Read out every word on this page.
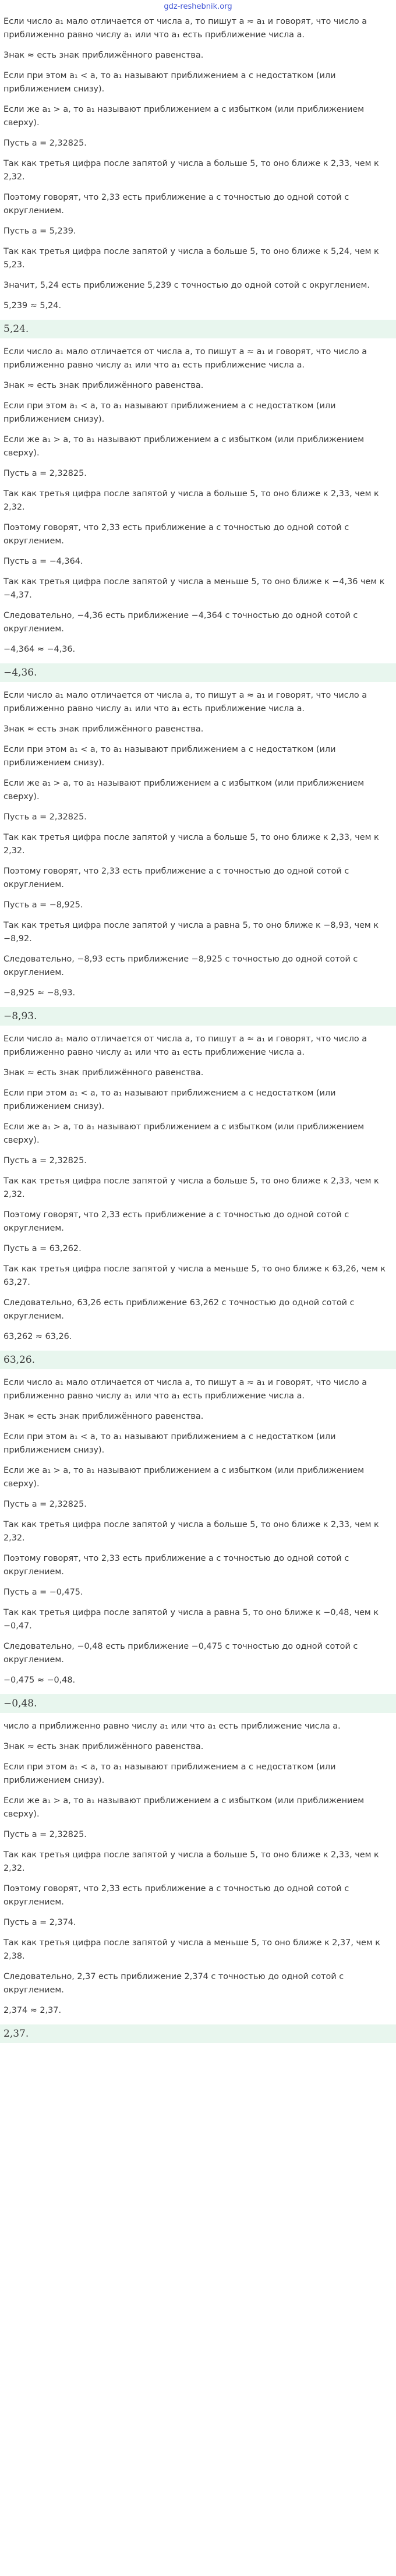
gdz-reshebnik.org

Если число a₁ мало отличается от числа a, то пишут a ≈ a₁ и говорят, что число a приближенно равно числу a₁ или что a₁ есть приближение числа a.

Знак ≈ есть знак приближённого равенства.

Если при этом a₁ < a, то a₁ называют приближением a с недостатком (или приближением снизу).

Если же a₁ > a, то a₁ называют приближением a с избытком (или приближением сверху).

Пусть a = 2,32825.

Так как третья цифра после запятой у числа a больше 5, то оно ближе к 2,33, чем к 2,32.

Поэтому говорят, что 2,33 есть приближение a с точностью до одной сотой с округлением.

Пусть a = 5,239.

Так как третья цифра после запятой у числа a больше 5, то оно ближе к 5,24, чем к 5,23.

Значит, 5,24 есть приближение 5,239 с точностью до одной сотой с округлением.

5,239 ≈ 5,24.

5,24.

Если число a₁ мало отличается от числа a, то пишут a ≈ a₁ и говорят, что число a приближенно равно числу a₁ или что a₁ есть приближение числа a.

Знак ≈ есть знак приближённого равенства.

Если при этом a₁ < a, то a₁ называют приближением a с недостатком (или приближением снизу).

Если же a₁ > a, то a₁ называют приближением a с избытком (или приближением сверху).

Пусть a = 2,32825.

Так как третья цифра после запятой у числа a больше 5, то оно ближе к 2,33, чем к 2,32.

Поэтому говорят, что 2,33 есть приближение a с точностью до одной сотой с округлением.

Пусть a = −4,364.

Так как третья цифра после запятой у числа a меньше 5, то оно ближе к −4,36 чем к −4,37.

Следовательно, −4,36 есть приближение −4,364 с точностью до одной сотой с округлением.

−4,364 ≈ −4,36.

−4,36.

Если число a₁ мало отличается от числа a, то пишут a ≈ a₁ и говорят, что число a приближенно равно числу a₁ или что a₁ есть приближение числа a.

Знак ≈ есть знак приближённого равенства.

Если при этом a₁ < a, то a₁ называют приближением a с недостатком (или приближением снизу).

Если же a₁ > a, то a₁ называют приближением a с избытком (или приближением сверху).

Пусть a = 2,32825.

Так как третья цифра после запятой у числа a больше 5, то оно ближе к 2,33, чем к 2,32.

Поэтому говорят, что 2,33 есть приближение a с точностью до одной сотой с округлением.

Пусть a = −8,925.

Так как третья цифра после запятой у числа a равна 5, то оно ближе к −8,93, чем к −8,92.

Следовательно, −8,93 есть приближение −8,925 с точностью до одной сотой с округлением.

−8,925 ≈ −8,93.

−8,93.

Если число a₁ мало отличается от числа a, то пишут a ≈ a₁ и говорят, что число a приближенно равно числу a₁ или что a₁ есть приближение числа a.

Знак ≈ есть знак приближённого равенства.

Если при этом a₁ < a, то a₁ называют приближением a с недостатком (или приближением снизу).

Если же a₁ > a, то a₁ называют приближением a с избытком (или приближением сверху).

Пусть a = 2,32825.

Так как третья цифра после запятой у числа a больше 5, то оно ближе к 2,33, чем к 2,32.

Поэтому говорят, что 2,33 есть приближение a с точностью до одной сотой с округлением.

Пусть a = 63,262.

Так как третья цифра после запятой у числа a меньше 5, то оно ближе к 63,26, чем к 63,27.

Следовательно, 63,26 есть приближение 63,262 с точностью до одной сотой с округлением.

63,262 ≈ 63,26.

63,26.

Если число a₁ мало отличается от числа a, то пишут a ≈ a₁ и говорят, что число a приближенно равно числу a₁ или что a₁ есть приближение числа a.

Знак ≈ есть знак приближённого равенства.

Если при этом a₁ < a, то a₁ называют приближением a с недостатком (или приближением снизу).

Если же a₁ > a, то a₁ называют приближением a с избытком (или приближением сверху).

Пусть a = 2,32825.

Так как третья цифра после запятой у числа a больше 5, то оно ближе к 2,33, чем к 2,32.

Поэтому говорят, что 2,33 есть приближение a с точностью до одной сотой с округлением.

Пусть a = −0,475.

Так как третья цифра после запятой у числа a равна 5, то оно ближе к −0,48, чем к −0,47.

Следовательно, −0,48 есть приближение −0,475 с точностью до одной сотой с округлением.

−0,475 ≈ −0,48.

−0,48.

число a приближенно равно числу a₁ или что a₁ есть приближение числа a.

Знак ≈ есть знак приближённого равенства.

Если при этом a₁ < a, то a₁ называют приближением a с недостатком (или приближением снизу).

Если же a₁ > a, то a₁ называют приближением a с избытком (или приближением сверху).

Пусть a = 2,32825.

Так как третья цифра после запятой у числа a больше 5, то оно ближе к 2,33, чем к 2,32.

Поэтому говорят, что 2,33 есть приближение a с точностью до одной сотой с округлением.

Пусть a = 2,374.

Так как третья цифра после запятой у числа a меньше 5, то оно ближе к 2,37, чем к 2,38.

Следовательно, 2,37 есть приближение 2,374 с точностью до одной сотой с округлением.

2,374 ≈ 2,37.

2,37.
